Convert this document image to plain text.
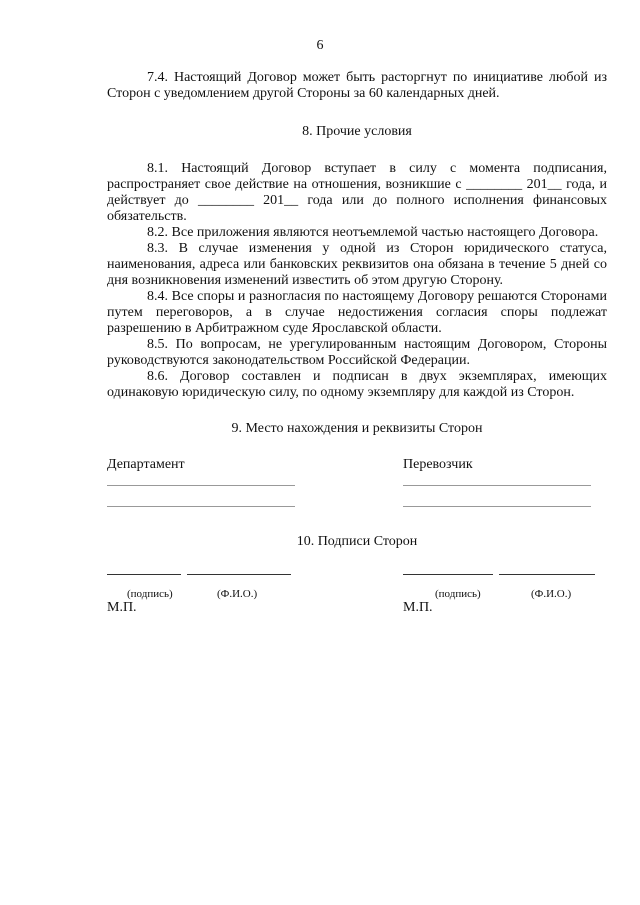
6

7.4. Настоящий Договор может быть расторгнут по инициативе любой из Сторон с уведомлением другой Стороны за 60 календарных дней.

8. Прочие условия

8.1. Настоящий Договор вступает в силу с момента подписания, распространяет свое действие на отношения, возникшие с ________ 201__ года, и действует до ________ 201__ года или до полного исполнения финансовых обязательств.

8.2. Все приложения являются неотъемлемой частью настоящего Договора.

8.3. В случае изменения у одной из Сторон юридического статуса, наименования, адреса или банковских реквизитов она обязана в течение 5 дней со дня возникновения изменений известить об этом другую Сторону.

8.4. Все споры и разногласия по настоящему Договору решаются Сторонами путем переговоров, а в случае недостижения согласия споры подлежат разрешению в Арбитражном суде Ярославской области.

8.5. По вопросам, не урегулированным настоящим Договором, Стороны руководствуются законодательством Российской Федерации.

8.6. Договор составлен и подписан в двух экземплярах, имеющих одинаковую юридическую силу, по одному экземпляру для каждой из Сторон.

9. Место нахождения и реквизиты Сторон

Департамент	Перевозчик

10. Подписи Сторон

(подпись)	(Ф.И.О.)
М.П.
(подпись)	(Ф.И.О.)
М.П.
